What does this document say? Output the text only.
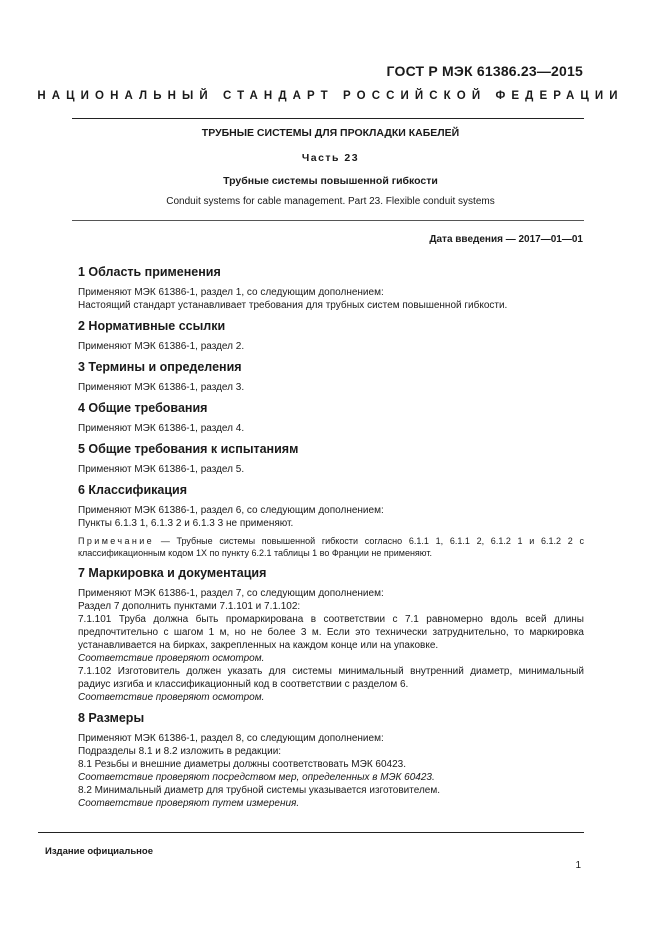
ГОСТ Р МЭК 61386.23—2015
НАЦИОНАЛЬНЫЙ СТАНДАРТ РОССИЙСКОЙ ФЕДЕРАЦИИ
ТРУБНЫЕ СИСТЕМЫ ДЛЯ ПРОКЛАДКИ КАБЕЛЕЙ
Часть 23
Трубные системы повышенной гибкости
Conduit systems for cable management. Part 23. Flexible conduit systems
Дата введения — 2017—01—01
1 Область применения

Применяют МЭК 61386-1, раздел 1, со следующим дополнением:

Настоящий стандарт устанавливает требования для трубных систем повышенной гибкости.

2 Нормативные ссылки

Применяют МЭК 61386-1, раздел 2.

3 Термины и определения

Применяют МЭК 61386-1, раздел 3.

4 Общие требования

Применяют МЭК 61386-1, раздел 4.

5 Общие требования к испытаниям

Применяют МЭК 61386-1, раздел 5.

6 Классификация

Применяют МЭК 61386-1, раздел 6, со следующим дополнением:

Пункты 6.1.3 1, 6.1.3 2 и 6.1.3 3 не применяют.

Примечание — Трубные системы повышенной гибкости согласно 6.1.1 1, 6.1.1 2, 6.1.2 1 и 6.1.2 2 с классификационным кодом 1X по пункту 6.2.1 таблицы 1 во Франции не применяют.

7 Маркировка и документация

Применяют МЭК 61386-1, раздел 7, со следующим дополнением:

Раздел 7 дополнить пунктами 7.1.101 и 7.1.102:

7.1.101 Труба должна быть промаркирована в соответствии с 7.1 равномерно вдоль всей длины предпочтительно с шагом 1 м, но не более 3 м. Если это технически затруднительно, то маркировка устанавливается на бирках, закрепленных на каждом конце или на упаковке.

Соответствие проверяют осмотром.

7.1.102 Изготовитель должен указать для системы минимальный внутренний диаметр, минимальный радиус изгиба и классификационный код в соответствии с разделом 6.

Соответствие проверяют осмотром.

8 Размеры

Применяют МЭК 61386-1, раздел 8, со следующим дополнением:

Подразделы 8.1 и 8.2 изложить в редакции:

8.1 Резьбы и внешние диаметры должны соответствовать МЭК 60423.

Соответствие проверяют посредством мер, определенных в МЭК 60423.

8.2 Минимальный диаметр для трубной системы указывается изготовителем.

Соответствие проверяют путем измерения.

Издание официальное
1
